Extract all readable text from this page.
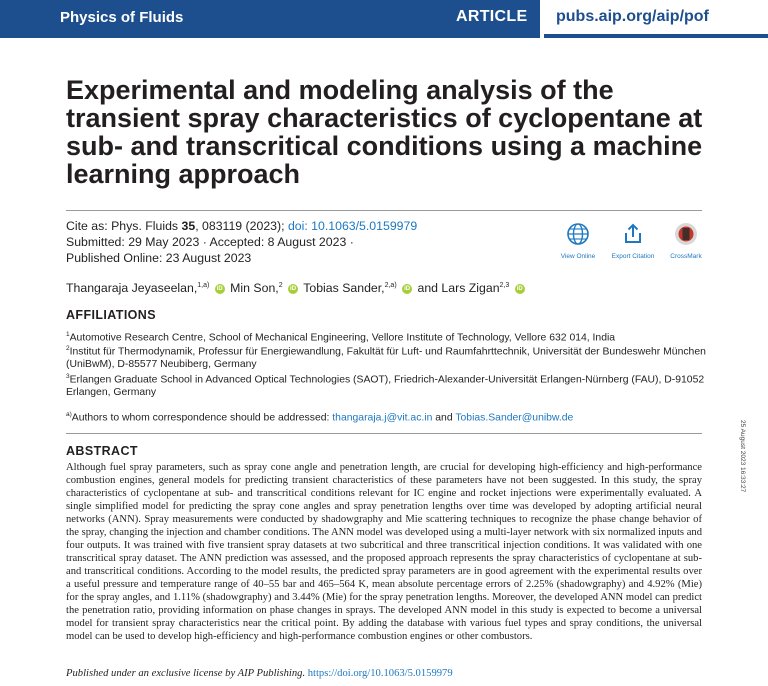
Physics of Fluids	ARTICLE pubs.aip.org/aip/pof
Experimental and modeling analysis of the transient spray characteristics of cyclopentane at sub- and transcritical conditions using a machine learning approach
Cite as: Phys. Fluids 35, 083119 (2023); doi: 10.1063/5.0159979
Submitted: 29 May 2023 · Accepted: 8 August 2023 ·
Published Online: 23 August 2023	View Online	Export Citation	CrossMark
Thangaraja Jeyaseelan,$^{1,a)}$ iD Min Son,$^2$ iD Tobias Sander,$^{2,a)}$ iD and Lars Zigan$^{2,3}$ iD
AFFILIATIONS
$^1$Automotive Research Centre, School of Mechanical Engineering, Vellore Institute of Technology, Vellore 632 014, India
$^2$Institut für Thermodynamik, Professur für Energiewandlung, Fakultät für Luft- und Raumfahrttechnik, Universität der Bundeswehr München (UniBwM), D-85577 Neubiberg, Germany
$^3$Erlangen Graduate School in Advanced Optical Technologies (SAOT), Friedrich-Alexander-Universität Erlangen-Nürnberg (FAU), D-91052 Erlangen, Germany
$^{a)}$Authors to whom correspondence should be addressed: thangaraja.j@vit.ac.in and Tobias.Sander@unibw.de
ABSTRACT
Although fuel spray parameters, such as spray cone angle and penetration length, are crucial for developing high-efficiency and high-performance combustion engines, general models for predicting transient characteristics of these parameters have not been suggested. In this study, the spray characteristics of cyclopentane at sub- and transcritical conditions relevant for IC engine and rocket injections were experimentally evaluated. A single simplified model for predicting the spray cone angles and spray penetration lengths over time was developed by adopting artificial neural networks (ANN). Spray measurements were conducted by shadowgraphy and Mie scattering techniques to recognize the phase change behavior of the spray, changing the injection and chamber conditions. The ANN model was developed using a multi-layer network with six normalized inputs and four outputs. It was trained with five transient spray datasets at two subcritical and three transcritical injection conditions. It was validated with one transcritical spray dataset. The ANN prediction was assessed, and the proposed approach represents the spray characteristics of cyclopentane at sub- and transcritical conditions. According to the model results, the predicted spray parameters are in good agreement with the experimental results over a useful pressure and temperature range of 40–55 bar and 465–564 K, mean absolute percentage errors of 2.25% (shadowgraphy) and 4.92% (Mie) for the spray angles, and 1.11% (shadowgraphy) and 3.44% (Mie) for the spray penetration lengths. Moreover, the developed ANN model can predict the penetration ratio, providing information on phase changes in sprays. The developed ANN model in this study is expected to become a universal model for transient spray characteristics near the critical point. By adding the database with various fuel types and spray conditions, the universal model can be used to develop high-efficiency and high-performance combustion engines or other combustors.
Published under an exclusive license by AIP Publishing. https://doi.org/10.1063/5.0159979
25 August 2023 16:33:27
